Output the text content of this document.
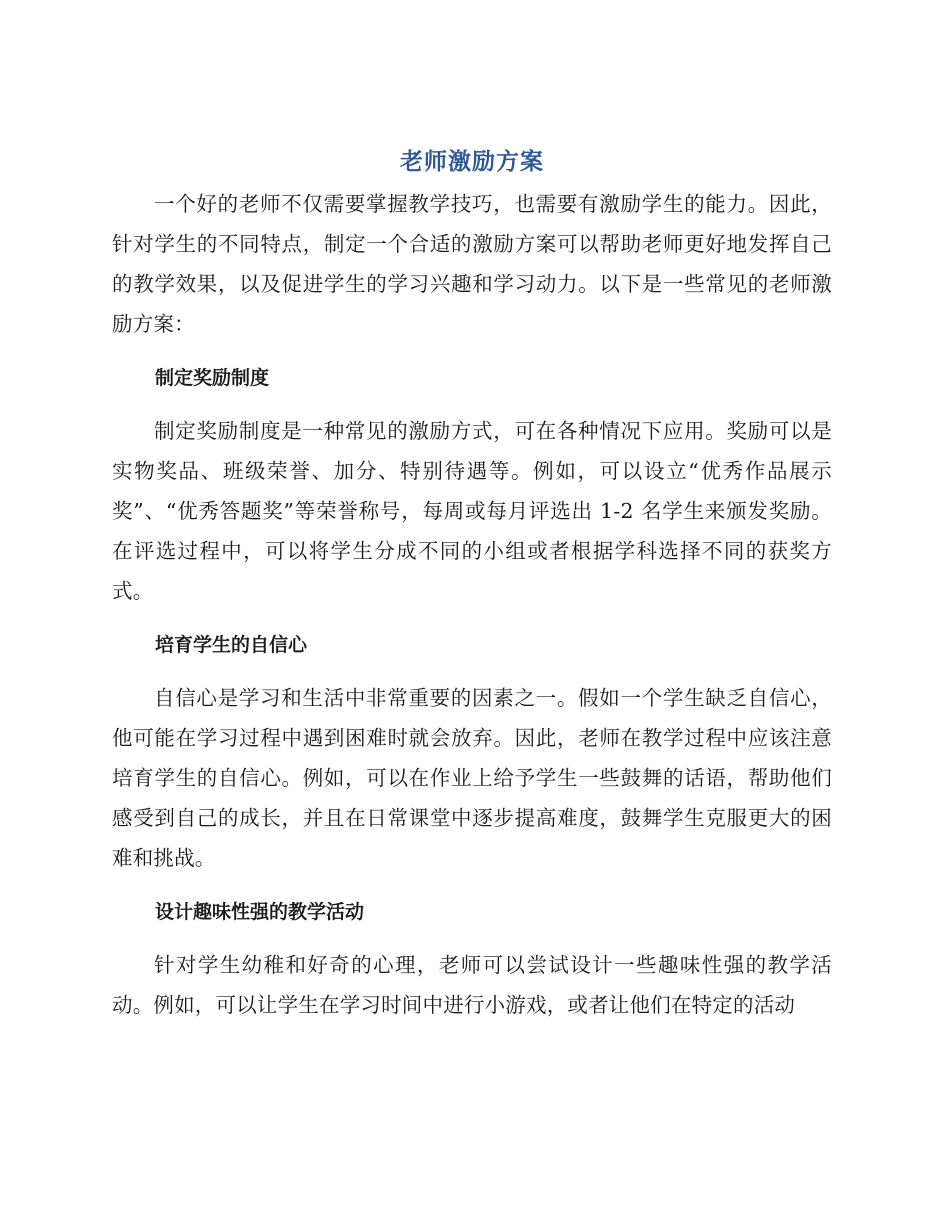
老师激励方案

一个好的老师不仅需要掌握教学技巧，也需要有激励学生的能力。因此，针对学生的不同特点，制定一个合适的激励方案可以帮助老师更好地发挥自己的教学效果，以及促进学生的学习兴趣和学习动力。以下是一些常见的老师激励方案：

制定奖励制度

制定奖励制度是一种常见的激励方式，可在各种情况下应用。奖励可以是实物奖品、班级荣誉、加分、特别待遇等。例如，可以设立“优秀作品展示奖”、“优秀答题奖”等荣誉称号，每周或每月评选出 1-2 名学生来颁发奖励。在评选过程中，可以将学生分成不同的小组或者根据学科选择不同的获奖方式。

培育学生的自信心

自信心是学习和生活中非常重要的因素之一。假如一个学生缺乏自信心，他可能在学习过程中遇到困难时就会放弃。因此，老师在教学过程中应该注意培育学生的自信心。例如，可以在作业上给予学生一些鼓舞的话语，帮助他们感受到自己的成长，并且在日常课堂中逐步提高难度，鼓舞学生克服更大的困难和挑战。

设计趣味性强的教学活动

针对学生幼稚和好奇的心理，老师可以尝试设计一些趣味性强的教学活动。例如，可以让学生在学习时间中进行小游戏，或者让他们在特定的活动
